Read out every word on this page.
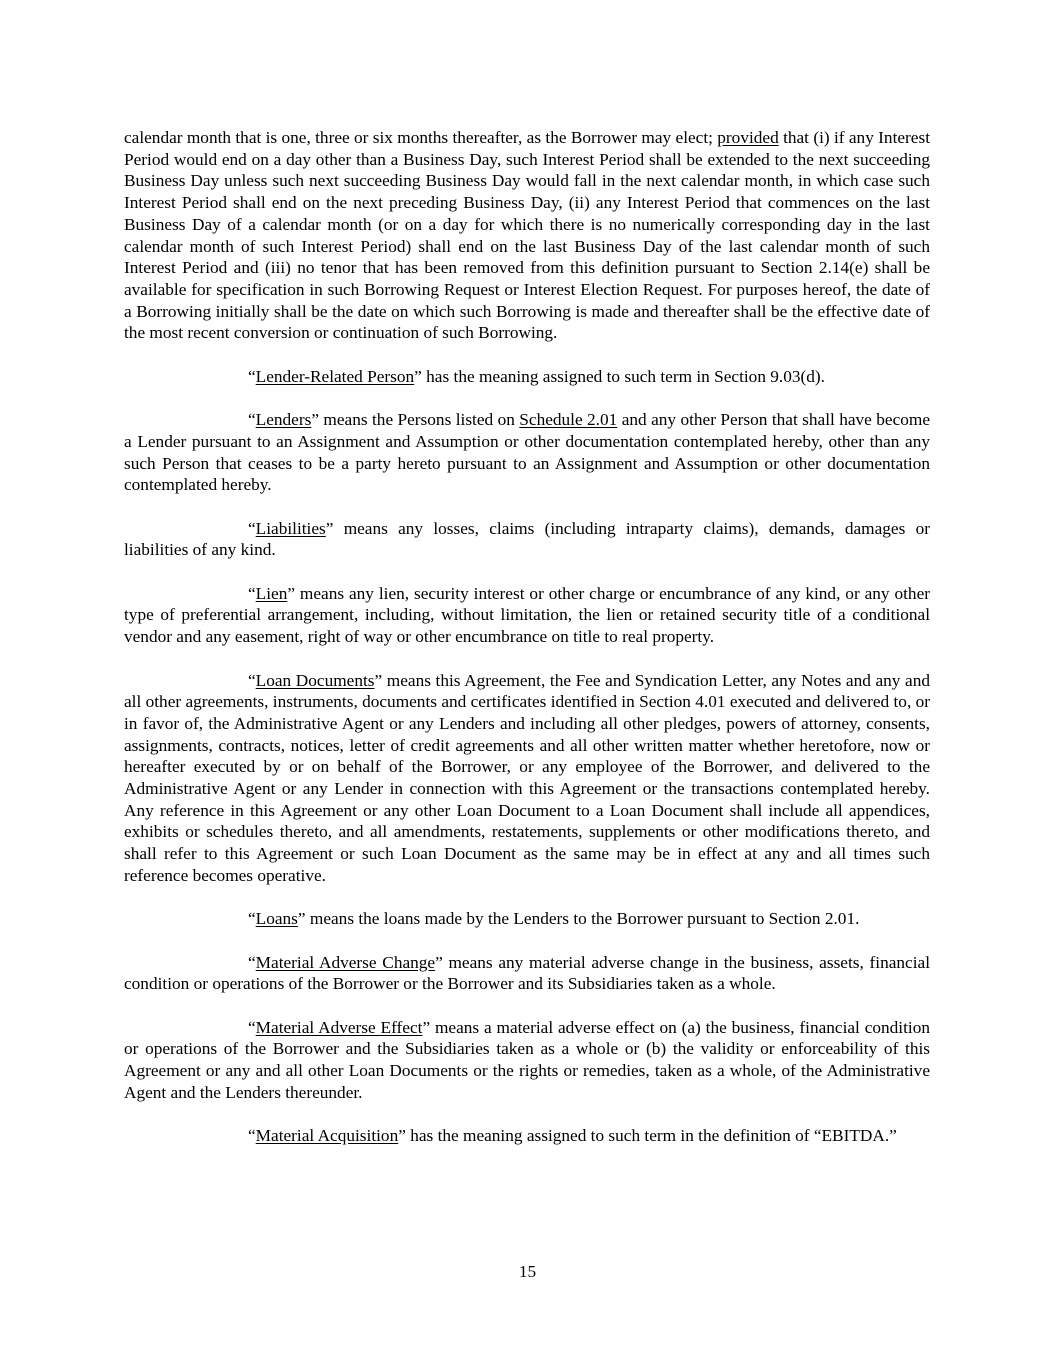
calendar month that is one, three or six months thereafter, as the Borrower may elect; provided that (i) if any Interest Period would end on a day other than a Business Day, such Interest Period shall be extended to the next succeeding Business Day unless such next succeeding Business Day would fall in the next calendar month, in which case such Interest Period shall end on the next preceding Business Day, (ii) any Interest Period that commences on the last Business Day of a calendar month (or on a day for which there is no numerically corresponding day in the last calendar month of such Interest Period) shall end on the last Business Day of the last calendar month of such Interest Period and (iii) no tenor that has been removed from this definition pursuant to Section 2.14(e) shall be available for specification in such Borrowing Request or Interest Election Request. For purposes hereof, the date of a Borrowing initially shall be the date on which such Borrowing is made and thereafter shall be the effective date of the most recent conversion or continuation of such Borrowing.

“Lender-Related Person” has the meaning assigned to such term in Section 9.03(d).

“Lenders” means the Persons listed on Schedule 2.01 and any other Person that shall have become a Lender pursuant to an Assignment and Assumption or other documentation contemplated hereby, other than any such Person that ceases to be a party hereto pursuant to an Assignment and Assumption or other documentation contemplated hereby.

“Liabilities” means any losses, claims (including intraparty claims), demands, damages or liabilities of any kind.

“Lien” means any lien, security interest or other charge or encumbrance of any kind, or any other type of preferential arrangement, including, without limitation, the lien or retained security title of a conditional vendor and any easement, right of way or other encumbrance on title to real property.

“Loan Documents” means this Agreement, the Fee and Syndication Letter, any Notes and any and all other agreements, instruments, documents and certificates identified in Section 4.01 executed and delivered to, or in favor of, the Administrative Agent or any Lenders and including all other pledges, powers of attorney, consents, assignments, contracts, notices, letter of credit agreements and all other written matter whether heretofore, now or hereafter executed by or on behalf of the Borrower, or any employee of the Borrower, and delivered to the Administrative Agent or any Lender in connection with this Agreement or the transactions contemplated hereby. Any reference in this Agreement or any other Loan Document to a Loan Document shall include all appendices, exhibits or schedules thereto, and all amendments, restatements, supplements or other modifications thereto, and shall refer to this Agreement or such Loan Document as the same may be in effect at any and all times such reference becomes operative.

“Loans” means the loans made by the Lenders to the Borrower pursuant to Section 2.01.

“Material Adverse Change” means any material adverse change in the business, assets, financial condition or operations of the Borrower or the Borrower and its Subsidiaries taken as a whole.

“Material Adverse Effect” means a material adverse effect on (a) the business, financial condition or operations of the Borrower and the Subsidiaries taken as a whole or (b) the validity or enforceability of this Agreement or any and all other Loan Documents or the rights or remedies, taken as a whole, of the Administrative Agent and the Lenders thereunder.

“Material Acquisition” has the meaning assigned to such term in the definition of “EBITDA.”

15
